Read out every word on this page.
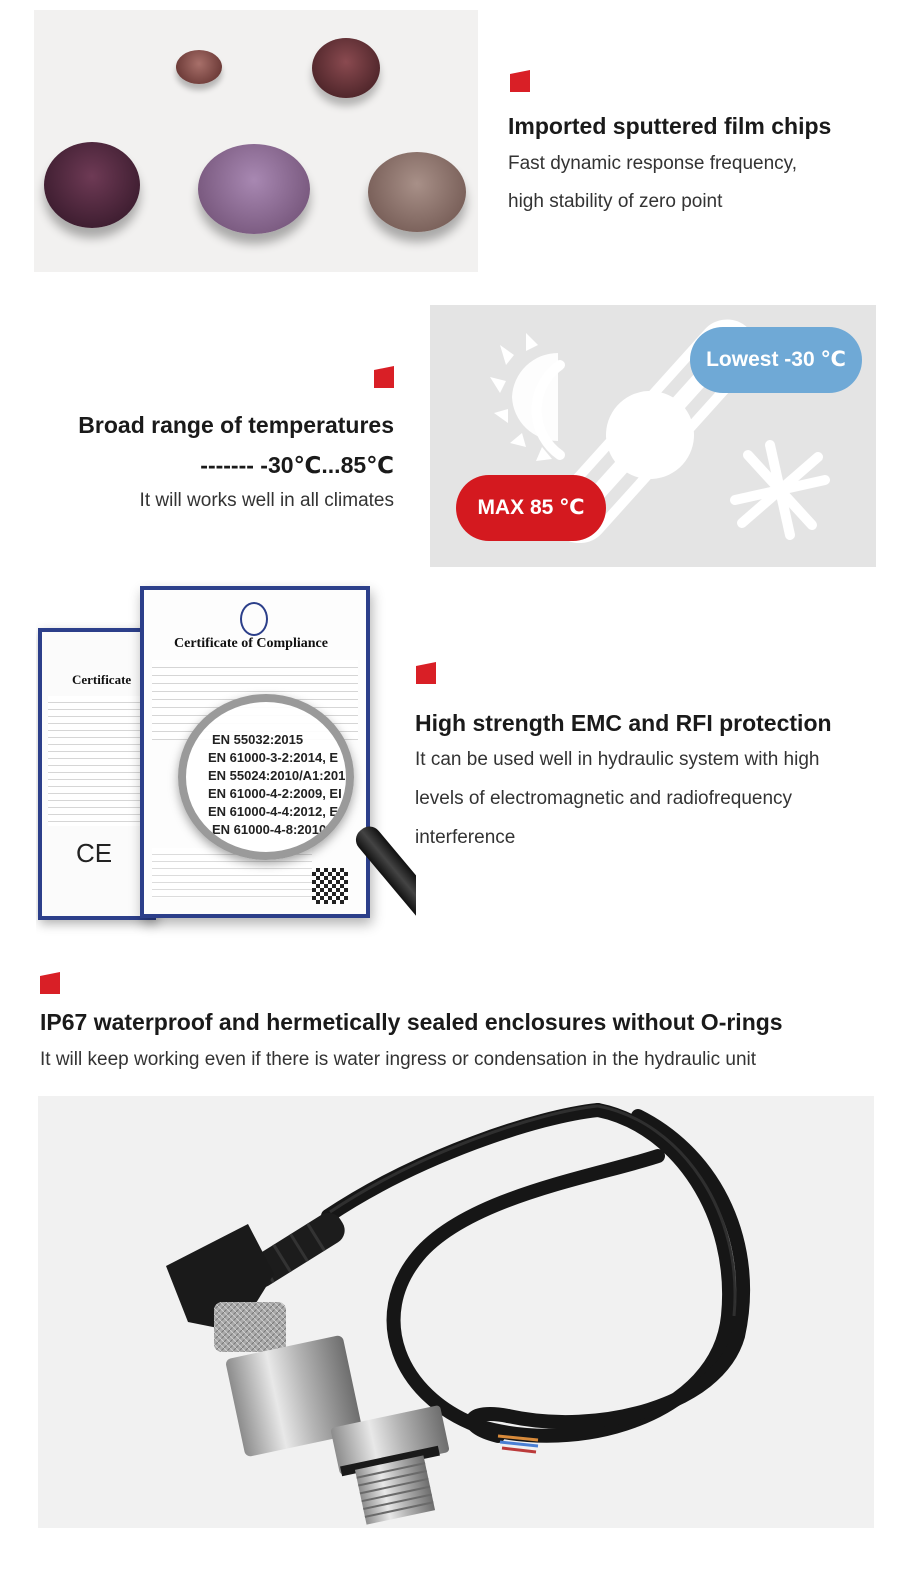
Imported sputtered film chips
Fast dynamic response frequency,
high stability of zero point
Broad range of temperatures
------- -30℃...85℃
It will works well in all climates
Lowest -30 ℃
MAX 85 ℃
Certificate
CE
Certificate of Compliance
EN 55032:2015
EN 61000-3-2:2014, E
EN 55024:2010/A1:201
EN 61000-4-2:2009, EI
EN 61000-4-4:2012, E
EN 61000-4-8:2010
High strength EMC and RFI protection
It can be used well in hydraulic system with high
levels of electromagnetic and radiofrequency
interference
IP67 waterproof and hermetically sealed enclosures without O-rings
It will keep working even if there is water ingress or condensation in the hydraulic unit
